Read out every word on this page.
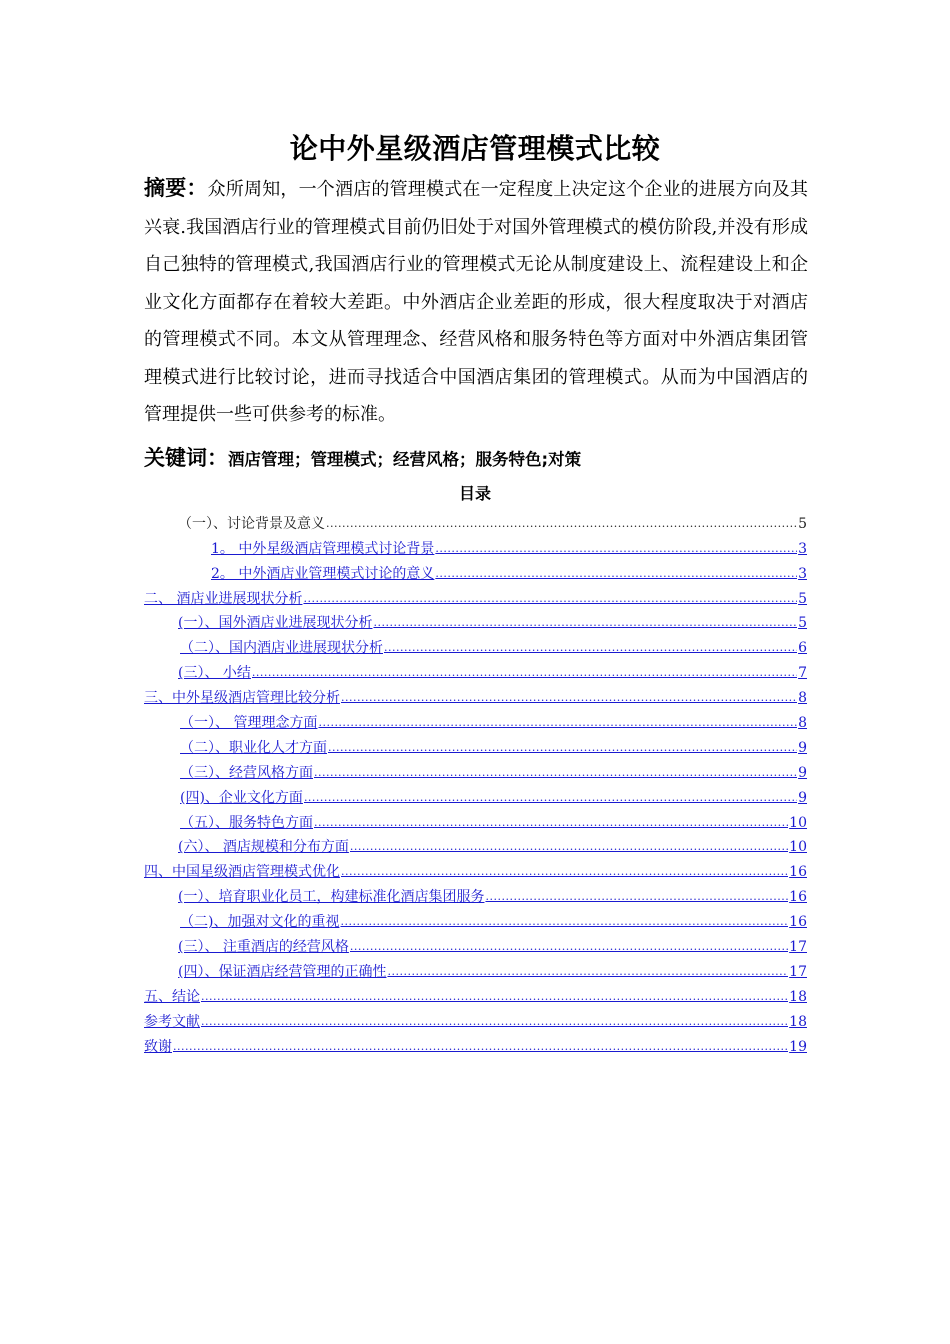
论中外星级酒店管理模式比较
摘要：众所周知，一个酒店的管理模式在一定程度上决定这个企业的进展方向及其兴衰.我国酒店行业的管理模式目前仍旧处于对国外管理模式的模仿阶段,并没有形成自己独特的管理模式,我国酒店行业的管理模式无论从制度建设上、流程建设上和企业文化方面都存在着较大差距。中外酒店企业差距的形成，很大程度取决于对酒店的管理模式不同。本文从管理理念、经营风格和服务特色等方面对中外酒店集团管理模式进行比较讨论，进而寻找适合中国酒店集团的管理模式。从而为中国酒店的管理提供一些可供参考的标准。
关键词：酒店管理；管理模式；经营风格；服务特色;对策
目录
（一）、讨论背景及意义 .....	5
1。 中外星级酒店管理模式讨论背景 .....	3
2。 中外酒店业管理模式讨论的意义 .....	3
二、 酒店业进展现状分析 .....	5
(一）、国外酒店业进展现状分析 .....	5
（二）、国内酒店业进展现状分析 .....	6
(三）、 小结 .....	7
三、中外星级酒店管理比较分析 .....	8
（一）、 管理理念方面 .....	8
（二）、职业化人才方面 .....	9
（三）、经营风格方面 .....	9
(四)、企业文化方面 .....	9
（五）、服务特色方面 .....	10
(六）、 酒店规模和分布方面 .....	10
四、中国星级酒店管理模式优化 .....	16
(一）、培育职业化员工，构建标准化酒店集团服务 .....	16
（二)、加强对文化的重视 .....	16
(三）、 注重酒店的经营风格 .....	17
(四）、保证酒店经营管理的正确性 .....	17
五、结论 .....	18
参考文献 .....	18
致谢 .....	19
